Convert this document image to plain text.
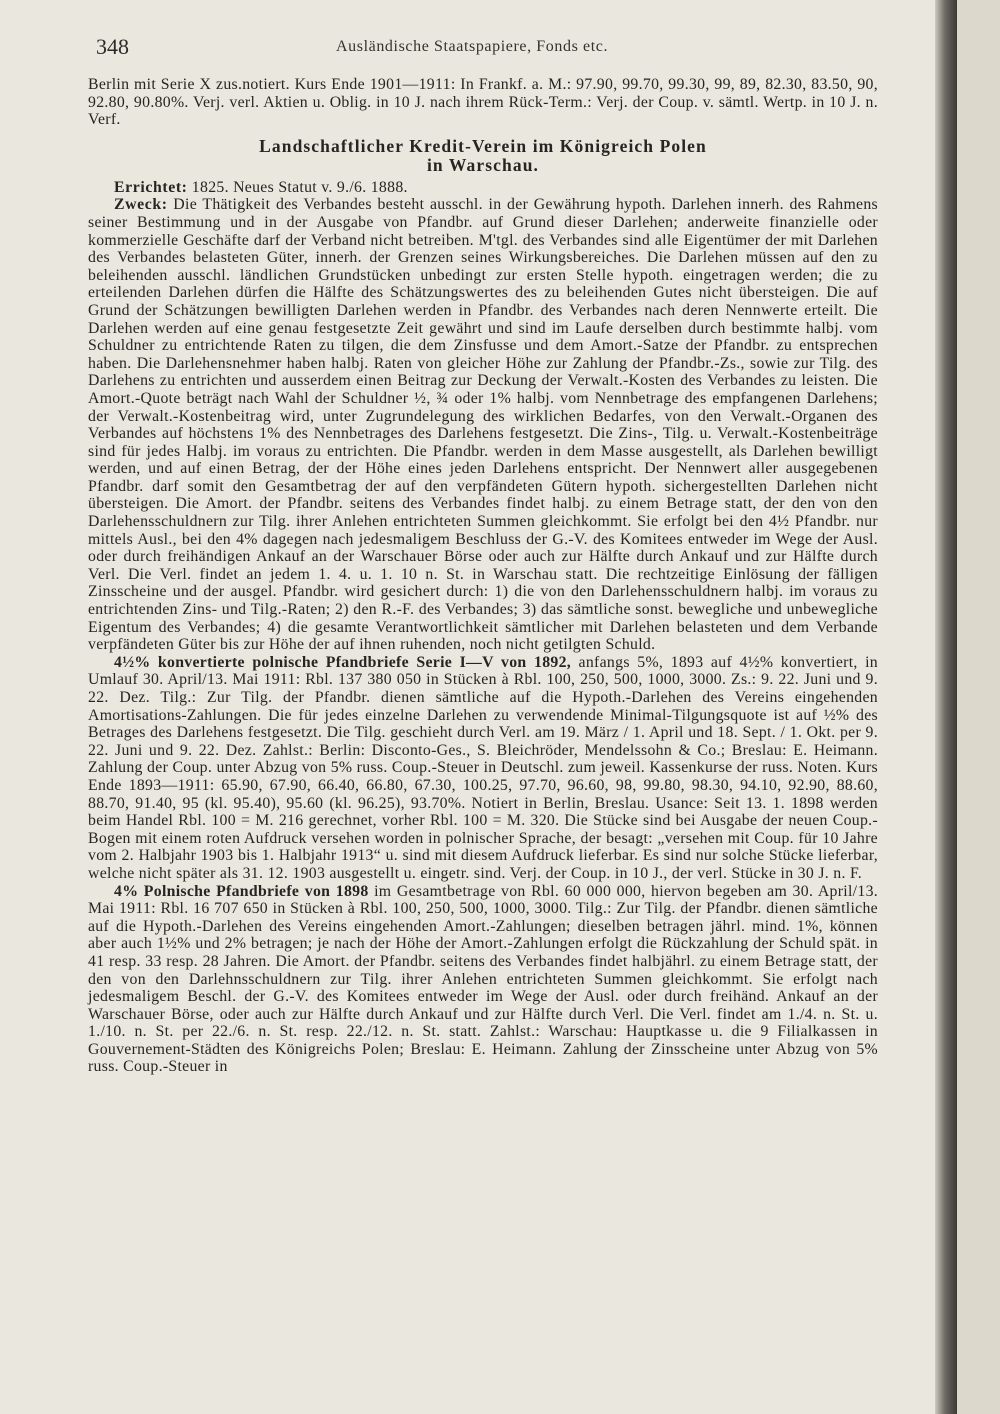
348	Ausländische Staatspapiere, Fonds etc.

Berlin mit Serie X zus.notiert. Kurs Ende 1901—1911: In Frankf. a. M.: 97.90, 99.70, 99.30, 99, 89, 82.30, 83.50, 90, 92.80, 90.80%. Verj. verl. Aktien u. Oblig. in 10 J. nach ihrem Rück-Term.: Verj. der Coup. v. sämtl. Wertp. in 10 J. n. Verf.

Landschaftlicher Kredit-Verein im Königreich Polen
in Warschau.

Errichtet: 1825. Neues Statut v. 9./6. 1888.

Zweck: Die Thätigkeit des Verbandes besteht ausschl. in der Gewährung hypoth. Darlehen innerh. des Rahmens seiner Bestimmung und in der Ausgabe von Pfandbr. auf Grund dieser Darlehen; anderweite finanzielle oder kommerzielle Geschäfte darf der Verband nicht betreiben. M'tgl. des Verbandes sind alle Eigentümer der mit Darlehen des Verbandes belasteten Güter, innerh. der Grenzen seines Wirkungsbereiches. Die Darlehen müssen auf den zu beleihenden ausschl. ländlichen Grundstücken unbedingt zur ersten Stelle hypoth. eingetragen werden; die zu erteilenden Darlehen dürfen die Hälfte des Schätzungswertes des zu beleihenden Gutes nicht übersteigen. Die auf Grund der Schätzungen bewilligten Darlehen werden in Pfandbr. des Verbandes nach deren Nennwerte erteilt. Die Darlehen werden auf eine genau festgesetzte Zeit gewährt und sind im Laufe derselben durch bestimmte halbj. vom Schuldner zu entrichtende Raten zu tilgen, die dem Zinsfusse und dem Amort.-Satze der Pfandbr. zu entsprechen haben. Die Darlehensnehmer haben halbj. Raten von gleicher Höhe zur Zahlung der Pfandbr.-Zs., sowie zur Tilg. des Darlehens zu entrichten und ausserdem einen Beitrag zur Deckung der Verwalt.-Kosten des Verbandes zu leisten. Die Amort.-Quote beträgt nach Wahl der Schuldner ½, ¾ oder 1% halbj. vom Nennbetrage des empfangenen Darlehens; der Verwalt.-Kostenbeitrag wird, unter Zugrundelegung des wirklichen Bedarfes, von den Verwalt.-Organen des Verbandes auf höchstens 1% des Nennbetrages des Darlehens festgesetzt. Die Zins-, Tilg. u. Verwalt.-Kostenbeiträge sind für jedes Halbj. im voraus zu entrichten. Die Pfandbr. werden in dem Masse ausgestellt, als Darlehen bewilligt werden, und auf einen Betrag, der der Höhe eines jeden Darlehens entspricht. Der Nennwert aller ausgegebenen Pfandbr. darf somit den Gesamtbetrag der auf den verpfändeten Gütern hypoth. sichergestellten Darlehen nicht übersteigen. Die Amort. der Pfandbr. seitens des Verbandes findet halbj. zu einem Betrage statt, der den von den Darlehensschuldnern zur Tilg. ihrer Anlehen entrichteten Summen gleichkommt. Sie erfolgt bei den 4½ Pfandbr. nur mittels Ausl., bei den 4% dagegen nach jedesmaligem Beschluss der G.-V. des Komitees entweder im Wege der Ausl. oder durch freihändigen Ankauf an der Warschauer Börse oder auch zur Hälfte durch Ankauf und zur Hälfte durch Verl. Die Verl. findet an jedem 1. 4. u. 1. 10 n. St. in Warschau statt. Die rechtzeitige Einlösung der fälligen Zinsscheine und der ausgel. Pfandbr. wird gesichert durch: 1) die von den Darlehensschuldnern halbj. im voraus zu entrichtenden Zins- und Tilg.-Raten; 2) den R.-F. des Verbandes; 3) das sämtliche sonst. bewegliche und unbewegliche Eigentum des Verbandes; 4) die gesamte Verantwortlichkeit sämtlicher mit Darlehen belasteten und dem Verbande verpfändeten Güter bis zur Höhe der auf ihnen ruhenden, noch nicht getilgten Schuld.

4½% konvertierte polnische Pfandbriefe Serie I—V von 1892, anfangs 5%, 1893 auf 4½% konvertiert, in Umlauf 30. April/13. Mai 1911: Rbl. 137 380 050 in Stücken à Rbl. 100, 250, 500, 1000, 3000. Zs.: 9. 22. Juni und 9. 22. Dez. Tilg.: Zur Tilg. der Pfandbr. dienen sämtliche auf die Hypoth.-Darlehen des Vereins eingehenden Amortisations-Zahlungen. Die für jedes einzelne Darlehen zu verwendende Minimal-Tilgungsquote ist auf ½% des Betrages des Darlehens festgesetzt. Die Tilg. geschieht durch Verl. am 19. März / 1. April und 18. Sept. / 1. Okt. per 9. 22. Juni und 9. 22. Dez. Zahlst.: Berlin: Disconto-Ges., S. Bleichröder, Mendelssohn & Co.; Breslau: E. Heimann. Zahlung der Coup. unter Abzug von 5% russ. Coup.-Steuer in Deutschl. zum jeweil. Kassenkurse der russ. Noten. Kurs Ende 1893—1911: 65.90, 67.90, 66.40, 66.80, 67.30, 100.25, 97.70, 96.60, 98, 99.80, 98.30, 94.10, 92.90, 88.60, 88.70, 91.40, 95 (kl. 95.40), 95.60 (kl. 96.25), 93.70%. Notiert in Berlin, Breslau. Usance: Seit 13. 1. 1898 werden beim Handel Rbl. 100 = M. 216 gerechnet, vorher Rbl. 100 = M. 320. Die Stücke sind bei Ausgabe der neuen Coup.-Bogen mit einem roten Aufdruck versehen worden in polnischer Sprache, der besagt: „versehen mit Coup. für 10 Jahre vom 2. Halbjahr 1903 bis 1. Halbjahr 1913“ u. sind mit diesem Aufdruck lieferbar. Es sind nur solche Stücke lieferbar, welche nicht später als 31. 12. 1903 ausgestellt u. eingetr. sind. Verj. der Coup. in 10 J., der verl. Stücke in 30 J. n. F.

4% Polnische Pfandbriefe von 1898 im Gesamtbetrage von Rbl. 60 000 000, hiervon begeben am 30. April/13. Mai 1911: Rbl. 16 707 650 in Stücken à Rbl. 100, 250, 500, 1000, 3000. Tilg.: Zur Tilg. der Pfandbr. dienen sämtliche auf die Hypoth.-Darlehen des Vereins eingehenden Amort.-Zahlungen; dieselben betragen jährl. mind. 1%, können aber auch 1½% und 2% betragen; je nach der Höhe der Amort.-Zahlungen erfolgt die Rückzahlung der Schuld spät. in 41 resp. 33 resp. 28 Jahren. Die Amort. der Pfandbr. seitens des Verbandes findet halbjährl. zu einem Betrage statt, der den von den Darlehnsschuldnern zur Tilg. ihrer Anlehen entrichteten Summen gleichkommt. Sie erfolgt nach jedesmaligem Beschl. der G.-V. des Komitees entweder im Wege der Ausl. oder durch freihänd. Ankauf an der Warschauer Börse, oder auch zur Hälfte durch Ankauf und zur Hälfte durch Verl. Die Verl. findet am 1./4. n. St. u. 1./10. n. St. per 22./6. n. St. resp. 22./12. n. St. statt. Zahlst.: Warschau: Hauptkasse u. die 9 Filialkassen in Gouvernement-Städten des Königreichs Polen; Breslau: E. Heimann. Zahlung der Zinsscheine unter Abzug von 5% russ. Coup.-Steuer in
